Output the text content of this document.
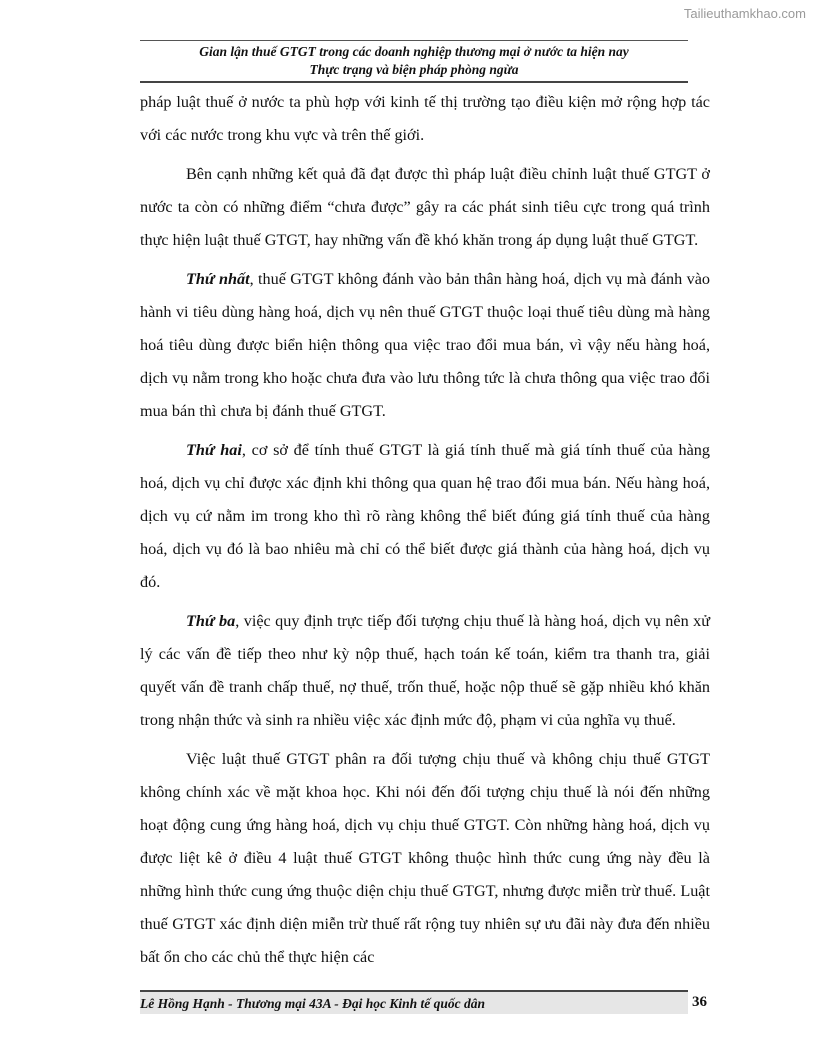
Tailieuthamkhao.com
Gian lận thuế GTGT trong các doanh nghiệp thương mại ở nước ta hiện nay
Thực trạng và biện pháp phòng ngừa

pháp luật thuế ở nước ta phù hợp với kinh tế thị trường tạo điều kiện mở rộng hợp tác với các nước trong khu vực và trên thế giới.

Bên cạnh những kết quả đã đạt được thì pháp luật điều chỉnh luật thuế GTGT ở nước ta còn có những điểm “chưa được” gây ra các phát sinh tiêu cực trong quá trình thực hiện luật thuế GTGT, hay những vấn đề khó khăn trong áp dụng luật thuế GTGT.

Thứ nhất, thuế GTGT không đánh vào bản thân hàng hoá, dịch vụ mà đánh vào hành vi tiêu dùng hàng hoá, dịch vụ nên thuế GTGT thuộc loại thuế tiêu dùng mà hàng hoá tiêu dùng được biển hiện thông qua việc trao đổi mua bán, vì vậy nếu hàng hoá, dịch vụ nằm trong kho hoặc chưa đưa vào lưu thông tức là chưa thông qua việc trao đổi mua bán thì chưa bị đánh thuế GTGT.

Thứ hai, cơ sở để tính thuế GTGT là giá tính thuế mà giá tính thuế của hàng hoá, dịch vụ chỉ được xác định khi thông qua quan hệ trao đổi mua bán. Nếu hàng hoá, dịch vụ cứ nằm im trong kho thì rõ ràng không thể biết đúng giá tính thuế của hàng hoá, dịch vụ đó là bao nhiêu mà chỉ có thể biết được giá thành của hàng hoá, dịch vụ đó.

Thứ ba, việc quy định trực tiếp đối tượng chịu thuế là hàng hoá, dịch vụ nên xử lý các vấn đề tiếp theo như kỳ nộp thuế, hạch toán kế toán, kiểm tra thanh tra, giải quyết vấn đề tranh chấp thuế, nợ thuế, trốn thuế, hoặc nộp thuế sẽ gặp nhiều khó khăn trong nhận thức và sinh ra nhiều việc xác định mức độ, phạm vi của nghĩa vụ thuế.

Việc luật thuế GTGT phân ra đối tượng chịu thuế và không chịu thuế GTGT không chính xác về mặt khoa học. Khi nói đến đối tượng chịu thuế là nói đến những hoạt động cung ứng hàng hoá, dịch vụ chịu thuế GTGT. Còn những hàng hoá, dịch vụ được liệt kê ở điều 4 luật thuế GTGT không thuộc hình thức cung ứng này đều là những hình thức cung ứng thuộc diện chịu thuế GTGT, nhưng được miễn trừ thuế. Luật thuế GTGT xác định diện miễn trừ thuế rất rộng tuy nhiên sự ưu đãi này đưa đến nhiều bất ổn cho các chủ thể thực hiện các

Lê Hồng Hạnh - Thương mại 43A - Đại học Kinh tế quốc dân	36
